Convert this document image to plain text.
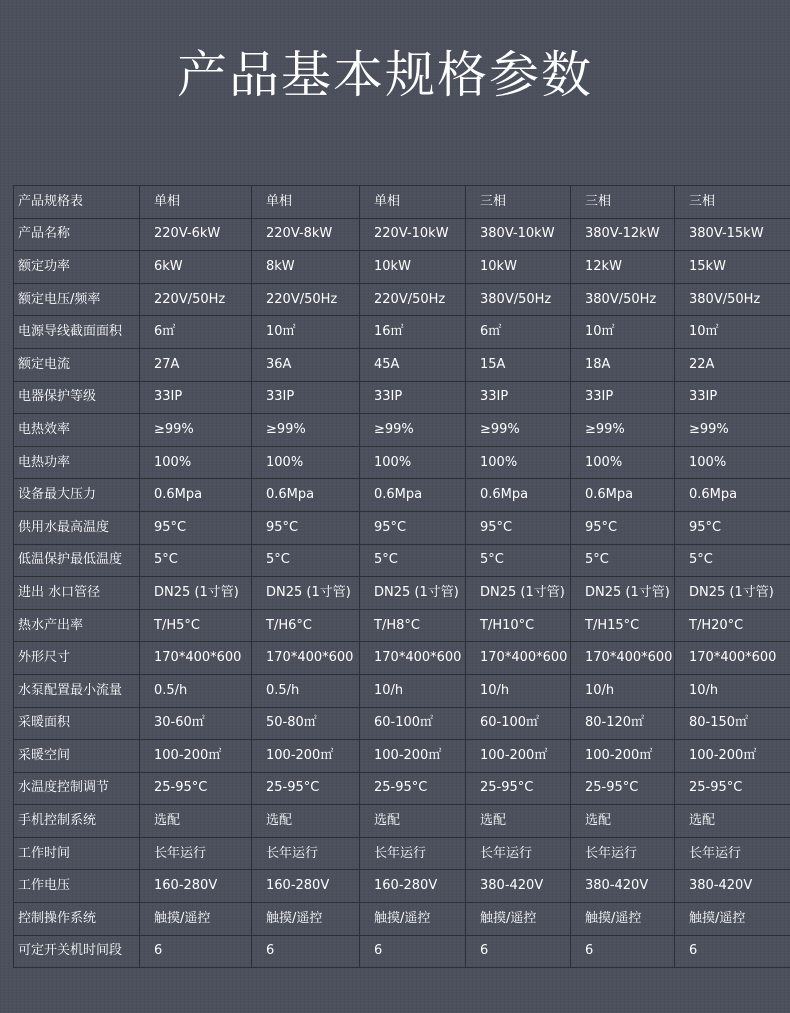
产品基本规格参数
产品规格表	单相	单相	单相	三相	三相	三相
产品名称	220V-6kW	220V-8kW	220V-10kW	380V-10kW	380V-12kW	380V-15kW
额定功率	6kW	8kW	10kW	10kW	12kW	15kW
额定电压/频率	220V/50Hz	220V/50Hz	220V/50Hz	380V/50Hz	380V/50Hz	380V/50Hz
电源导线截面面积	6㎡	10㎡	16㎡	6㎡	10㎡	10㎡
额定电流	27A	36A	45A	15A	18A	22A
电器保护等级	33IP	33IP	33IP	33IP	33IP	33IP
电热效率	≥99%	≥99%	≥99%	≥99%	≥99%	≥99%
电热功率	100%	100%	100%	100%	100%	100%
设备最大压力	0.6Mpa	0.6Mpa	0.6Mpa	0.6Mpa	0.6Mpa	0.6Mpa
供用水最高温度	95°C	95°C	95°C	95°C	95°C	95°C
低温保护最低温度	5°C	5°C	5°C	5°C	5°C	5°C
进出 水口管径	DN25 (1寸管)	DN25 (1寸管)	DN25 (1寸管)	DN25 (1寸管)	DN25 (1寸管)	DN25 (1寸管)
热水产出率	T/H5°C	T/H6°C	T/H8°C	T/H10°C	T/H15°C	T/H20°C
外形尺寸	170*400*600	170*400*600	170*400*600	170*400*600	170*400*600	170*400*600
水泵配置最小流量	0.5/h	0.5/h	10/h	10/h	10/h	10/h
采暖面积	30-60㎡	50-80㎡	60-100㎡	60-100㎡	80-120㎡	80-150㎡
采暖空间	100-200㎡	100-200㎡	100-200㎡	100-200㎡	100-200㎡	100-200㎡
水温度控制调节	25-95°C	25-95°C	25-95°C	25-95°C	25-95°C	25-95°C
手机控制系统	选配	选配	选配	选配	选配	选配
工作时间	长年运行	长年运行	长年运行	长年运行	长年运行	长年运行
工作电压	160-280V	160-280V	160-280V	380-420V	380-420V	380-420V
控制操作系统	触摸/遥控	触摸/遥控	触摸/遥控	触摸/遥控	触摸/遥控	触摸/遥控
可定开关机时间段	6	6	6	6	6	6
